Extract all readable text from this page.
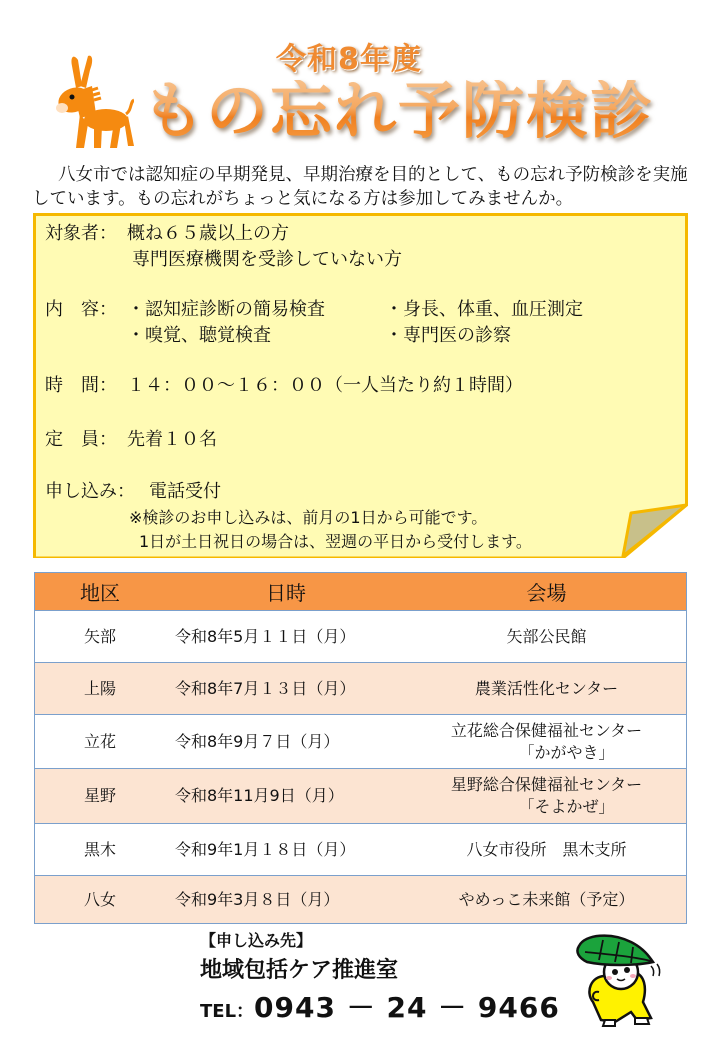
令和8年度
もの忘れ予防検診
八女市では認知症の早期発見、早期治療を目的として、もの忘れ予防検診を実施しています。もの忘れがちょっと気になる方は参加してみませんか。
対象者： 概ね６５歳以上の方
専門医療機関を受診していない方
内　容： ・認知症診断の簡易検査	・身長、体重、血圧測定
・嗅覚、聴覚検査	・専門医の診察
時　間： １４：００～１６：００（一人当たり約１時間）
定　員： 先着１０名
申し込み： 電話受付
※検診のお申し込みは、前月の1日から可能です。
1日が土日祝日の場合は、翌週の平日から受付します。
地区	日時	会場
矢部	令和8年5月１１日（月）	矢部公民館
上陽	令和8年7月１３日（月）	農業活性化センター
立花	令和8年9月７日（月）	立花総合保健福祉センター
「かがやき」

星野	令和8年11月9日（月）	星野総合保健福祉センター
「そよかぜ」

黒木	令和9年1月１８日（月）	八女市役所　黒木支所
八女	令和9年3月８日（月）	やめっこ未来館（予定）
【申し込み先】
地域包括ケア推進室
TEL：0943 － 24 － 9466
